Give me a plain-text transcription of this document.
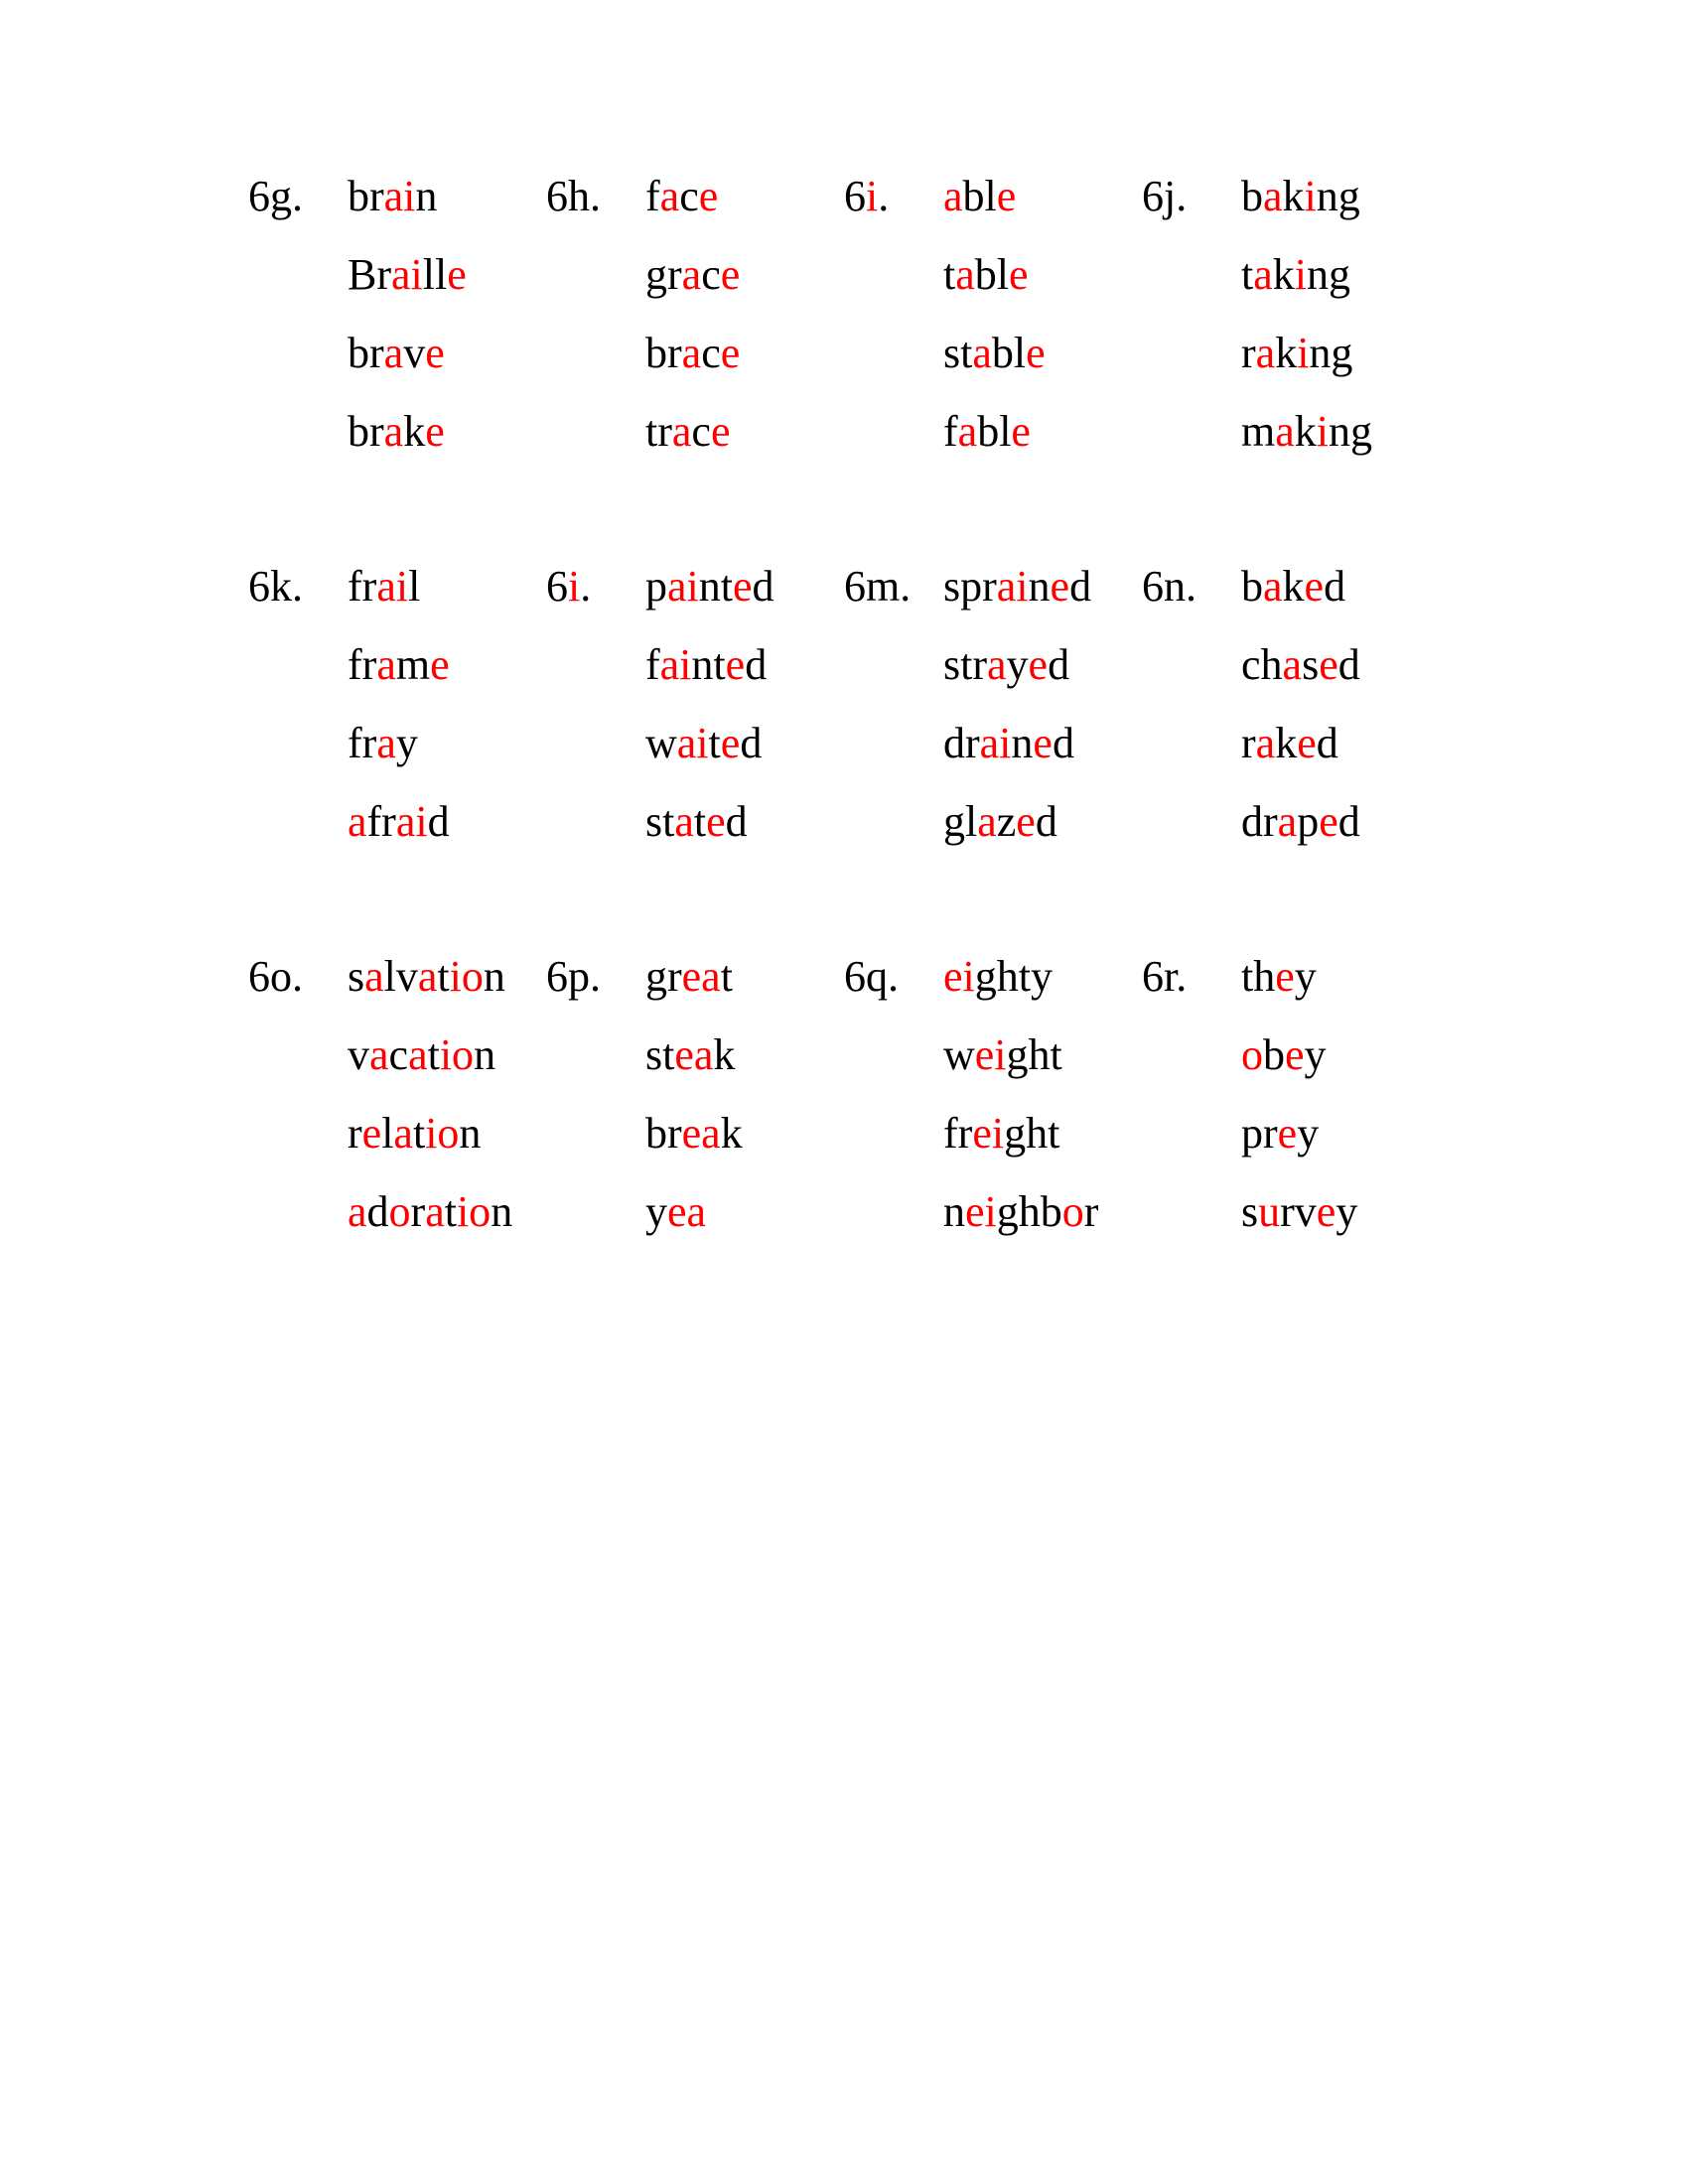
6g. brain
Braille
brave
brake
6h. face
grace
brace
trace
6i. able
table
stable
fable
6j. baking
taking
raking
making
6k. frail
frame
fray
afraid
6i. painted
fainted
waited
stated
6m. sprained
strayed
drained
glazed
6n. baked
chased
raked
draped
6o. salvation
vacation
relation
adoration
6p. great
steak
break
yea
6q. eighty
weight
freight
neighbor
6r. they
obey
prey
survey
